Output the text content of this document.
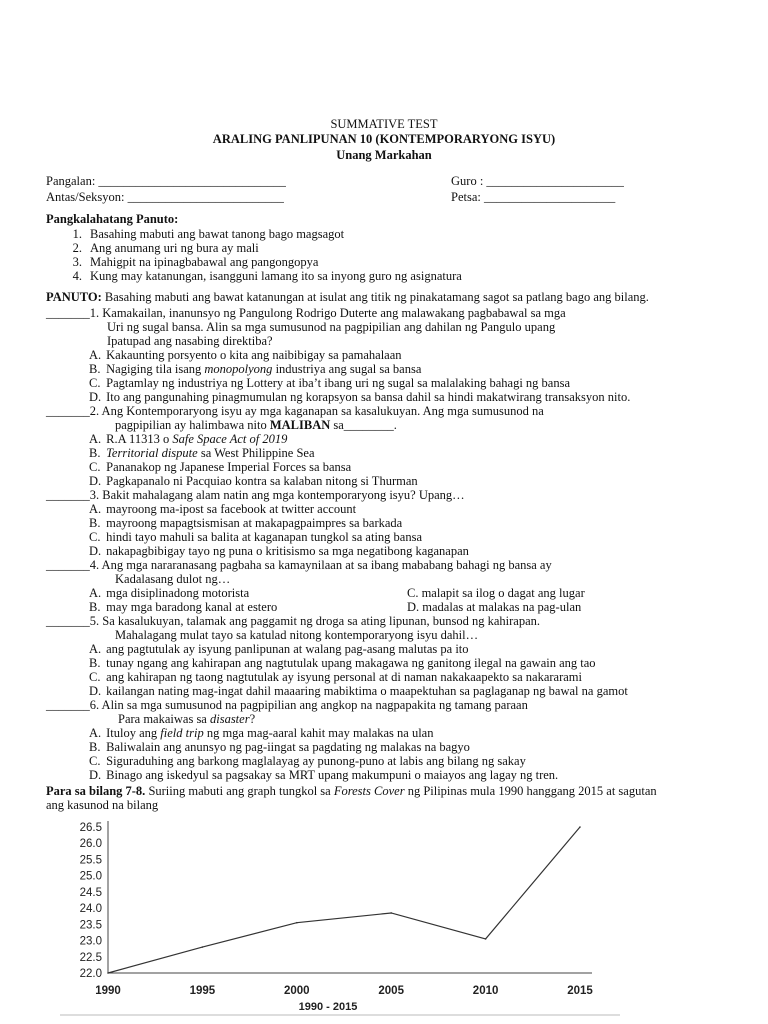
SUMMATIVE TEST
ARALING PANLIPUNAN 10 (KONTEMPORARYONG ISYU)
Unang Markahan
Pangalan: ______________________________	Guro : ______________________
Antas/Seksyon: _________________________	Petsa: _____________________
Pangkalahatang Panuto:
1. Basahing mabuti ang bawat tanong bago magsagot
2. Ang anumang uri ng bura ay mali
3. Mahigpit na ipinagbabawal ang pangongopya
4. Kung may katanungan, isangguni lamang ito sa inyong guro ng asignatura
PANUTO: Basahing mabuti ang bawat katanungan at isulat ang titik ng pinakatamang sagot sa patlang bago ang bilang.
_______1. Kamakailan, inanunsyo ng Pangulong Rodrigo Duterte ang malawakang pagbabawal sa mga
Uri ng sugal bansa. Alin sa mga sumusunod na pagpipilian ang dahilan ng Pangulo upang
Ipatupad ang nasabing direktiba?
A. Kakaunting porsyento o kita ang naibibigay sa pamahalaan
B. Nagiging tila isang monopolyong industriya ang sugal sa bansa
C. Pagtamlay ng industriya ng Lottery at iba’t ibang uri ng sugal sa malalaking bahagi ng bansa
D. Ito ang pangunahing pinagmumulan ng korapsyon sa bansa dahil sa hindi makatwirang transaksyon nito.
_______2. Ang Kontemporaryong isyu ay mga kaganapan sa kasalukuyan. Ang mga sumusunod na
pagpipilian ay halimbawa nito MALIBAN sa________.
A. R.A 11313 o Safe Space Act of 2019
B. Territorial dispute sa West Philippine Sea
C. Pananakop ng Japanese Imperial Forces sa bansa
D. Pagkapanalo ni Pacquiao kontra sa kalaban nitong si Thurman
_______3. Bakit mahalagang alam natin ang mga kontemporaryong isyu? Upang…
A. mayroong ma-ipost sa facebook at twitter account
B. mayroong mapagtsismisan at makapagpaimpres sa barkada
C. hindi tayo mahuli sa balita at kaganapan tungkol sa ating bansa
D. nakapagbibigay tayo ng puna o kritisismo sa mga negatibong kaganapan
_______4. Ang mga nararanasang pagbaha sa kamaynilaan at sa ibang mababang bahagi ng bansa ay
Kadalasang dulot ng…
A. mga disiplinadong motorista	C. malapit sa ilog o dagat ang lugar
B. may mga baradong kanal at estero	D. madalas at malakas na pag-ulan
_______5. Sa kasalukuyan, talamak ang paggamit ng droga sa ating lipunan, bunsod ng kahirapan.
Mahalagang mulat tayo sa katulad nitong kontemporaryong isyu dahil…
A. ang pagtutulak ay isyung panlipunan at walang pag-asang malutas pa ito
B. tunay ngang ang kahirapan ang nagtutulak upang makagawa ng ganitong ilegal na gawain ang tao
C. ang kahirapan ng taong nagtutulak ay isyung personal at di naman nakakaapekto sa nakararami
D. kailangan nating mag-ingat dahil maaaring mabiktima o maapektuhan sa paglaganap ng bawal na gamot
_______6. Alin sa mga sumusunod na pagpipilian ang angkop na nagpapakita ng tamang paraan
Para makaiwas sa disaster?
A. Ituloy ang field trip ng mga mag-aaral kahit may malakas na ulan
B. Baliwalain ang anunsyo ng pag-iingat sa pagdating ng malakas na bagyo
C. Siguraduhing ang barkong maglalayag ay punong-puno at labis ang bilang ng sakay
D. Binago ang iskedyul sa pagsakay sa MRT upang makumpuni o maiayos ang lagay ng tren.
Para sa bilang 7-8. Suriing mabuti ang graph tungkol sa Forests Cover ng Pilipinas mula 1990 hanggang 2015 at sagutan
ang kasunod na bilang
26.5
26.0
25.5
25.0
24.5
24.0
23.5
23.0
22.5
22.0
1990	1995	2000	2005	2010	2015
1990 - 2015
